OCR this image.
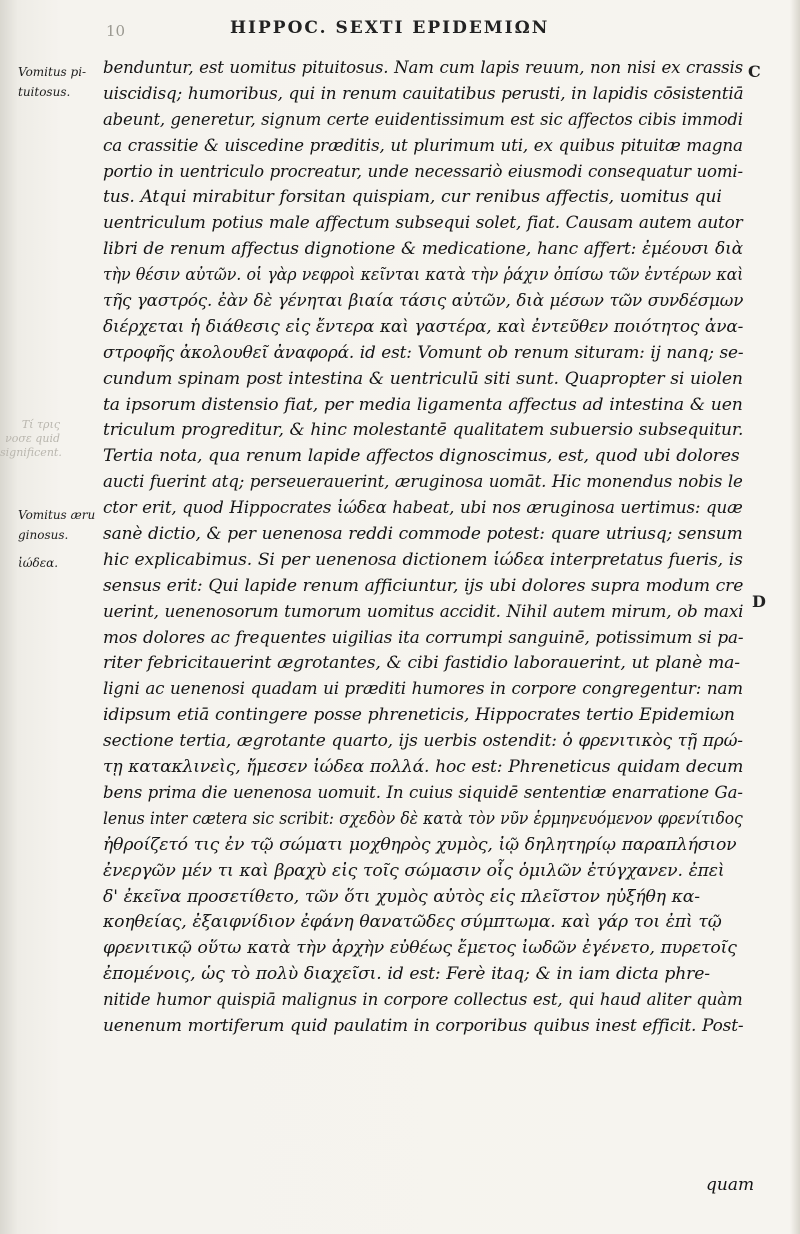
10	HIPPOC. SEXTI EPIDEMIΩN
Vomitus pi-
tuitosus.
Τί τρις νοσε quid
significent.
Vomitus æru
ginosus.
ἰώδεα.
C
D
benduntur, est uomitus pituitosus. Nam cum lapis reuum, non nisi ex crassis
uiscidisq; humoribus, qui in renum cauitatibus perusti, in lapidis cōsistentiā
abeunt, generetur, signum certe euidentissimum est sic affectos cibis immodi
ca crassitie & uiscedine præditis, ut plurimum uti, ex quibus pituitæ magna
portio in uentriculo procreatur, unde necessariò eiusmodi consequatur uomi-
tus. Atqui mirabitur forsitan quispiam, cur renibus affectis, uomitus qui
uentriculum potius male affectum subsequi solet, fiat. Causam autem autor
libri de renum affectus dignotione & medicatione, hanc affert: ἐμέουσι διὰ
τὴν θέσιν αὐτῶν. οἱ γὰρ νεφροὶ κεῖνται κατὰ τὴν ῥάχιν ὀπίσω τῶν ἐντέρων καὶ
τῆς γαστρός. ἐὰν δὲ γένηται βιαία τάσις αὐτῶν, διὰ μέσων τῶν συνδέσμων
διέρχεται ἡ διάθεσις εἰς ἔντερα καὶ γαστέρα, καὶ ἐντεῦθεν ποιότητος ἀνα-
στροφῆς ἀκολουθεῖ ἀναφορά. id est: Vomunt ob renum situram: ij nanq; se-
cundum spinam post intestina & uentriculū siti sunt. Quapropter si uiolen
ta ipsorum distensio fiat, per media ligamenta affectus ad intestina & uen
triculum progreditur, & hinc molestantē qualitatem subuersio subsequitur.
Tertia nota, qua renum lapide affectos dignoscimus, est, quod ubi dolores
aucti fuerint atq; perseuerauerint, æruginosa uomāt. Hic monendus nobis le
ctor erit, quod Hippocrates ἰώδεα habeat, ubi nos æruginosa uertimus: quæ
sanè dictio, & per uenenosa reddi commode potest: quare utriusq; sensum
hic explicabimus. Si per uenenosa dictionem ἰώδεα interpretatus fueris, is
sensus erit: Qui lapide renum afficiuntur, ijs ubi dolores supra modum cre
uerint, uenenosorum tumorum uomitus accidit. Nihil autem mirum, ob maxi
mos dolores ac frequentes uigilias ita corrumpi sanguinē, potissimum si pa-
riter febricitauerint ægrotantes, & cibi fastidio laborauerint, ut planè ma-
ligni ac uenenosi quadam ui præditi humores in corpore congregentur: nam
idipsum etiā contingere posse phreneticis, Hippocrates tertio Epidemiωn
sectione tertia, ægrotante quarto, ijs uerbis ostendit: ὁ φρενιτικὸς τῇ πρώ-
τῃ κατακλινεὶς, ἤμεσεν ἰώδεα πολλά. hoc est: Phreneticus quidam decum
bens prima die uenenosa uomuit. In cuius siquidē sententiæ enarratione Ga-
lenus inter cætera sic scribit: σχεδὸν δὲ κατὰ τὸν νῦν ἑρμηνευόμενον φρενίτιδος
ἠθροίζετό τις ἐν τῷ σώματι μοχθηρὸς χυμὸς, ἰῷ δηλητηρίῳ παραπλήσιον
ἐνεργῶν μέν τι καὶ βραχὺ εἰς τοῖς σώμασιν οἷς ὁμιλῶν ἐτύγχανεν. ἐπεὶ
δ' ἐκεῖνα προσετίθετο, τῶν ὅτι χυμὸς αὐτὸς εἰς πλεῖστον ηὐξήθη κα-
κοηθείας, ἐξαιφνίδιον ἐφάνη θανατῶδες σύμπτωμα. καὶ γάρ τοι ἐπὶ τῷ
φρενιτικῷ οὕτω κατὰ τὴν ἀρχὴν εὐθέως ἔμετος ἰωδῶν ἐγένετο, πυρετοῖς
ἐπομένοις, ὡς τὸ πολὺ διαχεῖσι. id est: Ferè itaq; & in iam dicta phre-
nitide humor quispiā malignus in corpore collectus est, qui haud aliter quàm
uenenum mortiferum quid paulatim in corporibus quibus inest efficit. Post-
quam
